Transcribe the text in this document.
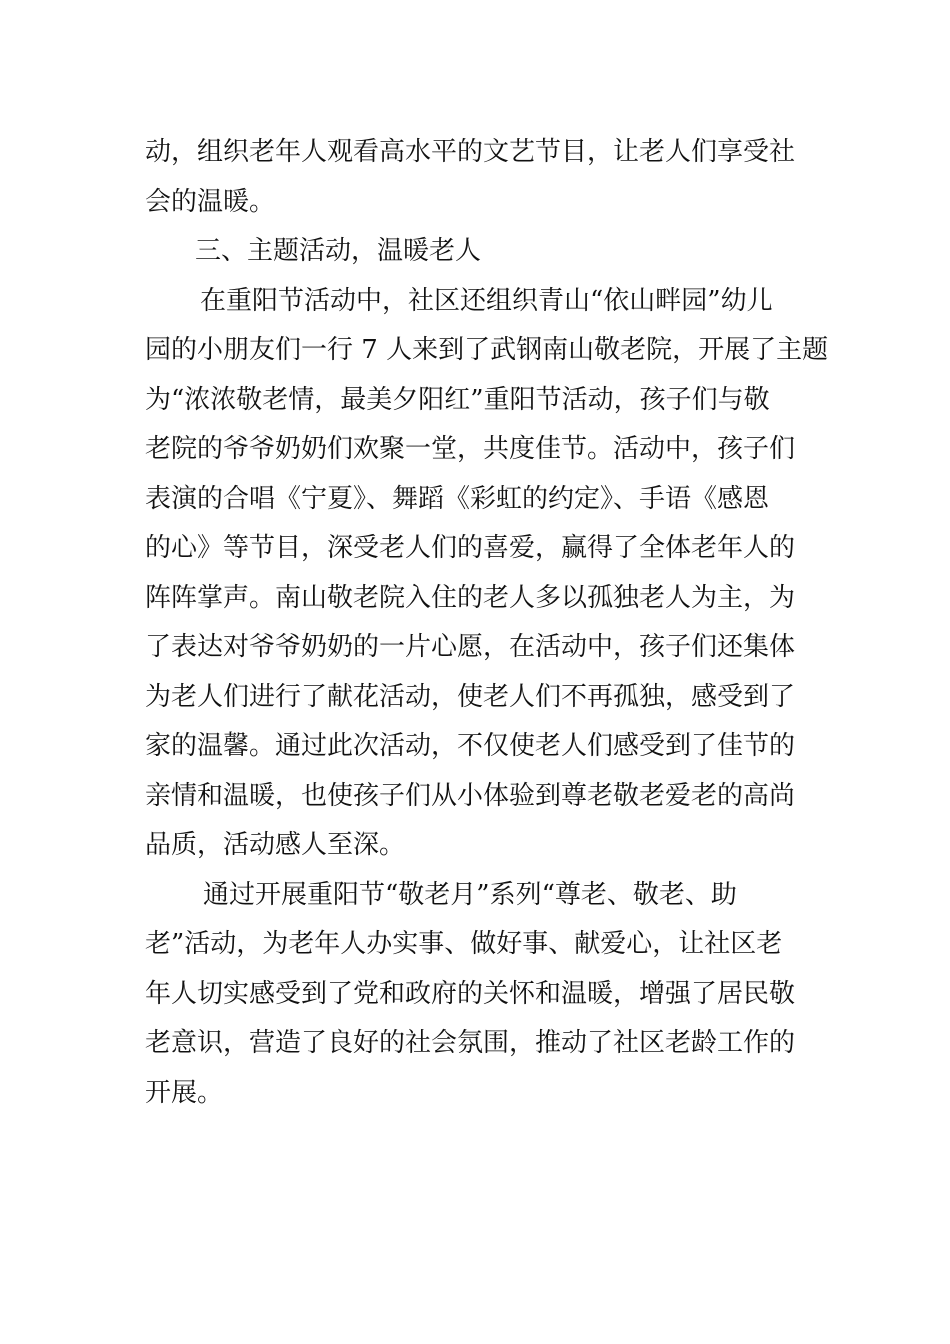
动，组织老年人观看高水平的文艺节目，让老人们享受社
会的温暖。
三、主题活动，温暖老人
在重阳节活动中，社区还组织青山“依山畔园”幼儿
园的小朋友们一行 7 人来到了武钢南山敬老院，开展了主题
为“浓浓敬老情，最美夕阳红”重阳节活动，孩子们与敬
老院的爷爷奶奶们欢聚一堂，共度佳节。活动中，孩子们
表演的合唱《宁夏》、舞蹈《彩虹的约定》、手语《感恩
的心》等节目，深受老人们的喜爱，赢得了全体老年人的
阵阵掌声。南山敬老院入住的老人多以孤独老人为主，为
了表达对爷爷奶奶的一片心愿，在活动中，孩子们还集体
为老人们进行了献花活动，使老人们不再孤独，感受到了
家的温馨。通过此次活动，不仅使老人们感受到了佳节的
亲情和温暖，也使孩子们从小体验到尊老敬老爱老的高尚
品质，活动感人至深。
通过开展重阳节“敬老月”系列“尊老、敬老、助
老”活动，为老年人办实事、做好事、献爱心，让社区老
年人切实感受到了党和政府的关怀和温暖，增强了居民敬
老意识，营造了良好的社会氛围，推动了社区老龄工作的
开展。
